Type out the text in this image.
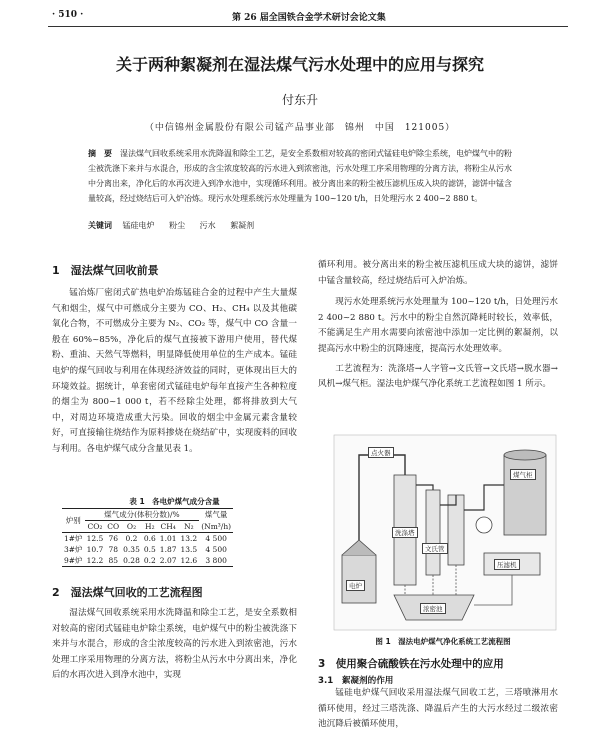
· 510 ·	第 26 届全国铁合金学术研讨会论文集
关于两种絮凝剂在湿法煤气污水处理中的应用与探究
付东升
（中信锦州金属股份有限公司锰产品事业部　锦州　中国　121005）
摘　要 湿法煤气回收系统采用水洗降温和除尘工艺，是安全系数相对较高的密闭式锰硅电炉除尘系统，电炉煤气中的粉尘被洗涤下来并与水混合，形成的含尘浓度较高的污水进入到浓密池，污水处理工序采用物理的分离方法，将粉尘从污水中分离出来，净化后的水再次进入到净水池中，实现循环利用。被分离出来的粉尘被压滤机压成入块的滤饼，滤饼中锰含量较高，经过烧结后可入炉冶炼。现污水处理系统污水处理量为 100~120 t/h，日处理污水 2 400~2 880 t。
关键词 锰硅电炉 粉尘 污水 絮凝剂
1　湿法煤气回收前景

锰冶炼厂密闭式矿热电炉冶炼锰硅合金的过程中产生大量煤气和烟尘，煤气中可燃成分主要为 CO、H₂、CH₄ 以及其他碳氧化合物，不可燃成分主要为 N₂、CO₂ 等，煤气中 CO 含量一般在 60%~85%，净化后的煤气直接被下游用户使用，替代煤粉、重油、天然气等燃料，明显降低使用单位的生产成本。锰硅电炉的煤气回收与利用在体现经济效益的同时，更体现出巨大的环境效益。据统计，单套密闭式锰硅电炉每年直接产生各种粒度的烟尘为 800~1 000 t，若不经除尘处理，都将排放到大气中，对周边环境造成重大污染。回收的烟尘中金属元素含量较好，可直接输往烧结作为原料掺烧在烧结矿中，实现废料的回收与利用。各电炉煤气成分含量见表 1。

表 1　各电炉煤气成分含量
炉别	煤气成分(体积分数)/%						煤气量
	CO₂	CO	O₂	H₂	CH₄	N₂	(Nm³/h)
1#炉	12.5	76	0.2	0.6	1.01	13.2	4 500
3#炉	10.7	78	0.35	0.5	1.87	13.5	4 500
9#炉	12.2	85	0.28	0.2	2.07	12.6	3 800
2　湿法煤气回收的工艺流程图

湿法煤气回收系统采用水洗降温和除尘工艺，是安全系数相对较高的密闭式锰硅电炉除尘系统，电炉煤气中的粉尘被洗涤下来并与水混合，形成的含尘浓度较高的污水进入到浓密池，污水处理工序采用物理的分离方法，将粉尘从污水中分离出来，净化后的水再次进入到净水池中，实现

循环利用。被分离出来的粉尘被压滤机压成大块的滤饼，滤饼中锰含量较高，经过烧结后可入炉冶炼。

现污水处理系统污水处理量为 100~120 t/h，日处理污水 2 400~2 880 t。污水中的粉尘自然沉降耗时较长，效率低，不能满足生产用水需要向浓密池中添加一定比例的絮凝剂，以提高污水中粉尘的沉降速度，提高污水处理效率。

工艺流程为：洗涤塔→人字管→文氏管→文氏塔→脱水器→风机→煤气柜。湿法电炉煤气净化系统工艺流程如图 1 所示。

点火器
煤气柜
电炉
洗涤塔
文氏管
压滤机
浓密池
图 1　湿法电炉煤气净化系统工艺流程图
3　使用聚合硫酸铁在污水处理中的应用
3.1　絮凝剂的作用

锰硅电炉煤气回收采用湿法煤气回收工艺，三塔喷淋用水循环使用，经过三塔洗涤、降温后产生的大污水经过二级浓密池沉降后被循环使用，
